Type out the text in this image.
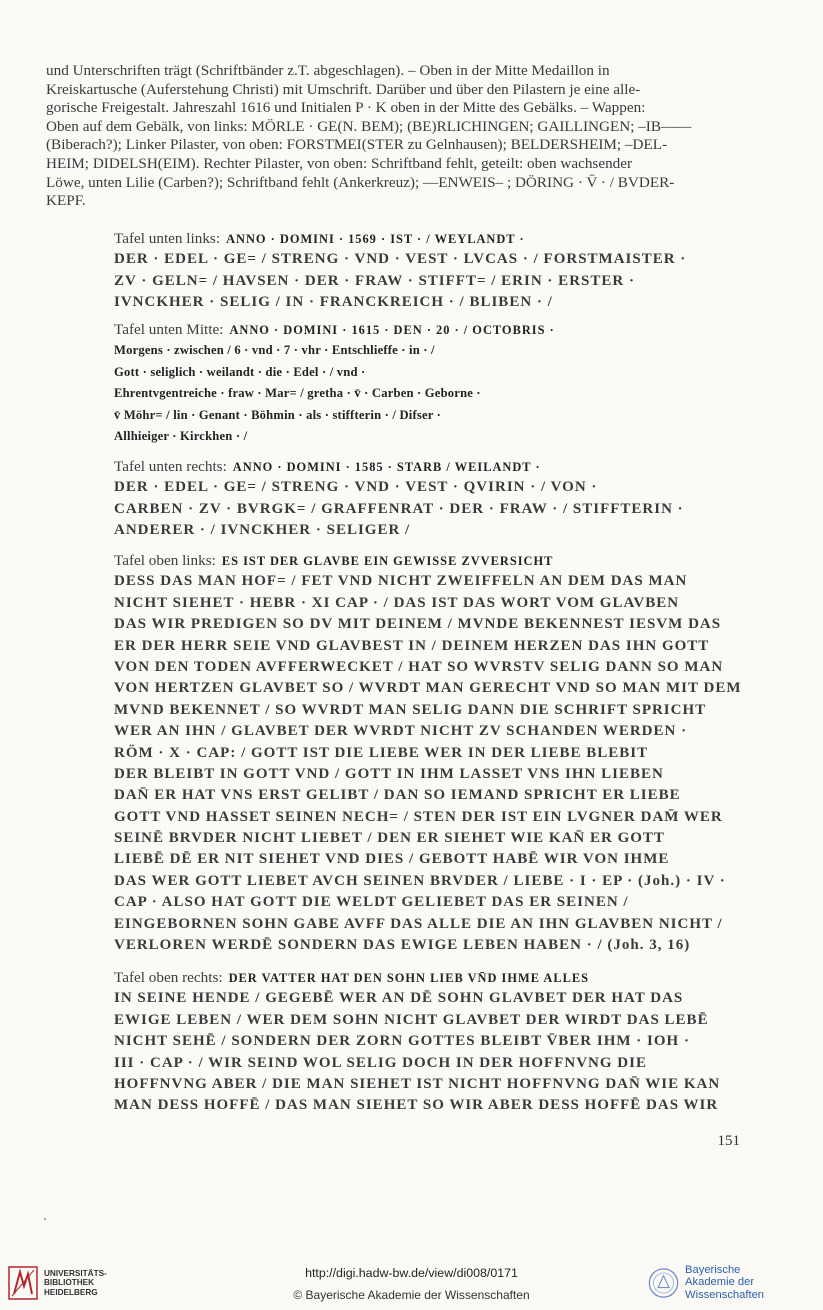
und Unterschriften trägt (Schriftbänder z.T. abgeschlagen). – Oben in der Mitte Medaillon in
Kreiskartusche (Auferstehung Christi) mit Umschrift. Darüber und über den Pilastern je eine alle-
gorische Freigestalt. Jahreszahl 1616 und Initialen P · K oben in der Mitte des Gebälks. – Wappen:
Oben auf dem Gebälk, von links: MÖRLE · GE(N. BEM); (BE)RLICHINGEN; GAILLINGEN; –IB——
(Biberach?); Linker Pilaster, von oben: FORSTMEI(STER zu Gelnhausen); BELDERSHEIM; –DEL-
HEIM; DIDELSH(EIM). Rechter Pilaster, von oben: Schriftband fehlt, geteilt: oben wachsender
Löwe, unten Lilie (Carben?); Schriftband fehlt (Ankerkreuz); —ENWEIS– ; DÖRING · V̄ · / BVDER-
KEPF.
Tafel unten links: ANNO · DOMINI · 1569 · IST · / WEYLANDT ·
DER · EDEL · GE= / STRENG · VND · VEST · LVCAS · / FORSTMAISTER ·
ZV · GELN= / HAVSEN · DER · FRAW · STIFFT= / ERIN · ERSTER ·
IVNCKHER · SELIG / IN · FRANCKREICH · / BLIBEN · /
Tafel unten Mitte: ANNO · DOMINI · 1615 · DEN · 20 · / OCTOBRIS ·
Morgens · zwischen / 6 · vnd · 7 · vhr · Entschlieffe · in · /
Gott · seliglich · weilandt · die · Edel · / vnd ·
Ehrentvgentreiche · fraw · Mar= / gretha · v̄ · Carben · Geborne ·
v̄ Möhr= / lin · Genant · Böhmin · als · stiffterin · / Difser ·
Allhieiger · Kirckhen · /
Tafel unten rechts: ANNO · DOMINI · 1585 · STARB / WEILANDT ·
DER · EDEL · GE= / STRENG · VND · VEST · QVIRIN · / VON ·
CARBEN · ZV · BVRGK= / GRAFFENRAT · DER · FRAW · / STIFFTERIN ·
ANDERER · / IVNCKHER · SELIGER /
Tafel oben links: ES IST DER GLAVBE EIN GEWISSE ZVVERSICHT
DESS DAS MAN HOF= / FET VND NICHT ZWEIFFELN AN DEM DAS MAN
NICHT SIEHET · HEBR · XI CAP · / DAS IST DAS WORT VOM GLAVBEN
DAS WIR PREDIGEN SO DV MIT DEINEM / MVNDE BEKENNEST IESVM DAS
ER DER HERR SEIE VND GLAVBEST IN / DEINEM HERZEN DAS IHN GOTT
VON DEN TODEN AVFFERWECKET / HAT SO WVRSTV SELIG DANN SO MAN
VON HERTZEN GLAVBET SO / WVRDT MAN GERECHT VND SO MAN MIT DEM
MVND BEKENNET / SO WVRDT MAN SELIG DANN DIE SCHRIFT SPRICHT
WER AN IHN / GLAVBET DER WVRDT NICHT ZV SCHANDEN WERDEN ·
RÖM · X · CAP: / GOTT IST DIE LIEBE WER IN DER LIEBE BLEBIT
DER BLEIBT IN GOTT VND / GOTT IN IHM LASSET VNS IHN LIEBEN
DAN̄ ER HAT VNS ERST GELIBT / DAN SO IEMAND SPRICHT ER LIEBE
GOTT VND HASSET SEINEN NECH= / STEN DER IST EIN LVGNER DAM̄ WER
SEINĒ BRVDER NICHT LIEBET / DEN ER SIEHET WIE KAN̄ ER GOTT
LIEBĒ DĒ ER NIT SIEHET VND DIES / GEBOTT HABĒ WIR VON IHME
DAS WER GOTT LIEBET AVCH SEINEN BRVDER / LIEBE · I · EP · (Joh.) · IV ·
CAP · ALSO HAT GOTT DIE WELDT GELIEBET DAS ER SEINEN /
EINGEBORNEN SOHN GABE AVFF DAS ALLE DIE AN IHN GLAVBEN NICHT /
VERLOREN WERDĒ SONDERN DAS EWIGE LEBEN HABEN · / (Joh. 3, 16)
Tafel oben rechts: DER VATTER HAT DEN SOHN LIEB VN̄D IHME ALLES
IN SEINE HENDE / GEGEBĒ WER AN DĒ SOHN GLAVBET DER HAT DAS
EWIGE LEBEN / WER DEM SOHN NICHT GLAVBET DER WIRDT DAS LEBĒ
NICHT SEHĒ / SONDERN DER ZORN GOTTES BLEIBT V̄BER IHM · IOH ·
III · CAP · / WIR SEIND WOL SELIG DOCH IN DER HOFFNVNG DIE
HOFFNVNG ABER / DIE MAN SIEHET IST NICHT HOFFNVNG DAN̄ WIE KAN
MAN DESS HOFFĒ / DAS MAN SIEHET SO WIR ABER DESS HOFFĒ DAS WIR
151
UNIVERSITÄTS-
BIBLIOTHEK
HEIDELBERG
http://digi.hadw-bw.de/view/di008/0171
© Bayerische Akademie der Wissenschaften
Bayerische
Akademie der Wissenschaften
